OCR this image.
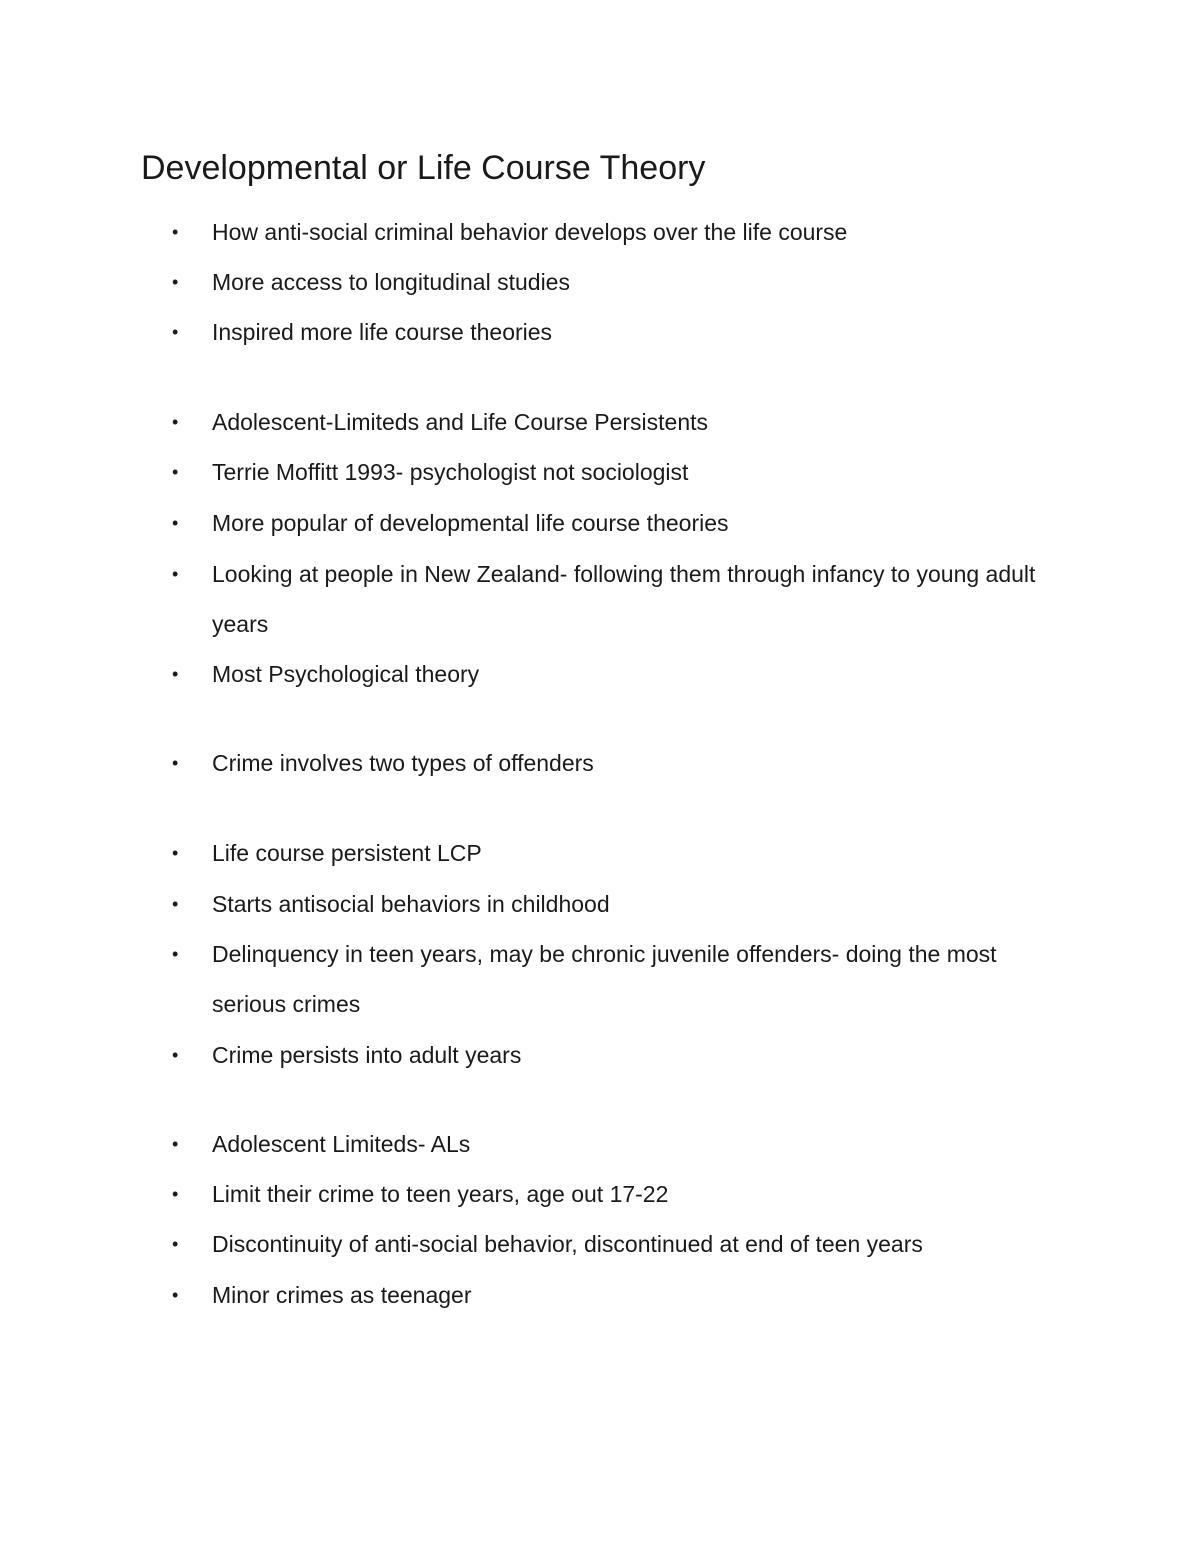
Developmental or Life Course Theory
•	How anti-social criminal behavior develops over the life course
•	More access to longitudinal studies
•	Inspired more life course theories
•	Adolescent-Limiteds and Life Course Persistents
•	Terrie Moffitt 1993- psychologist not sociologist
•	More popular of developmental life course theories
•	Looking at people in New Zealand- following them through infancy to young adult years
•	Most Psychological theory
•	Crime involves two types of offenders
•	Life course persistent LCP
•	Starts antisocial behaviors in childhood
•	Delinquency in teen years, may be chronic juvenile offenders- doing the most serious crimes
•	Crime persists into adult years
•	Adolescent Limiteds- ALs
•	Limit their crime to teen years, age out 17-22
•	Discontinuity of anti-social behavior, discontinued at end of teen years
•	Minor crimes as teenager
